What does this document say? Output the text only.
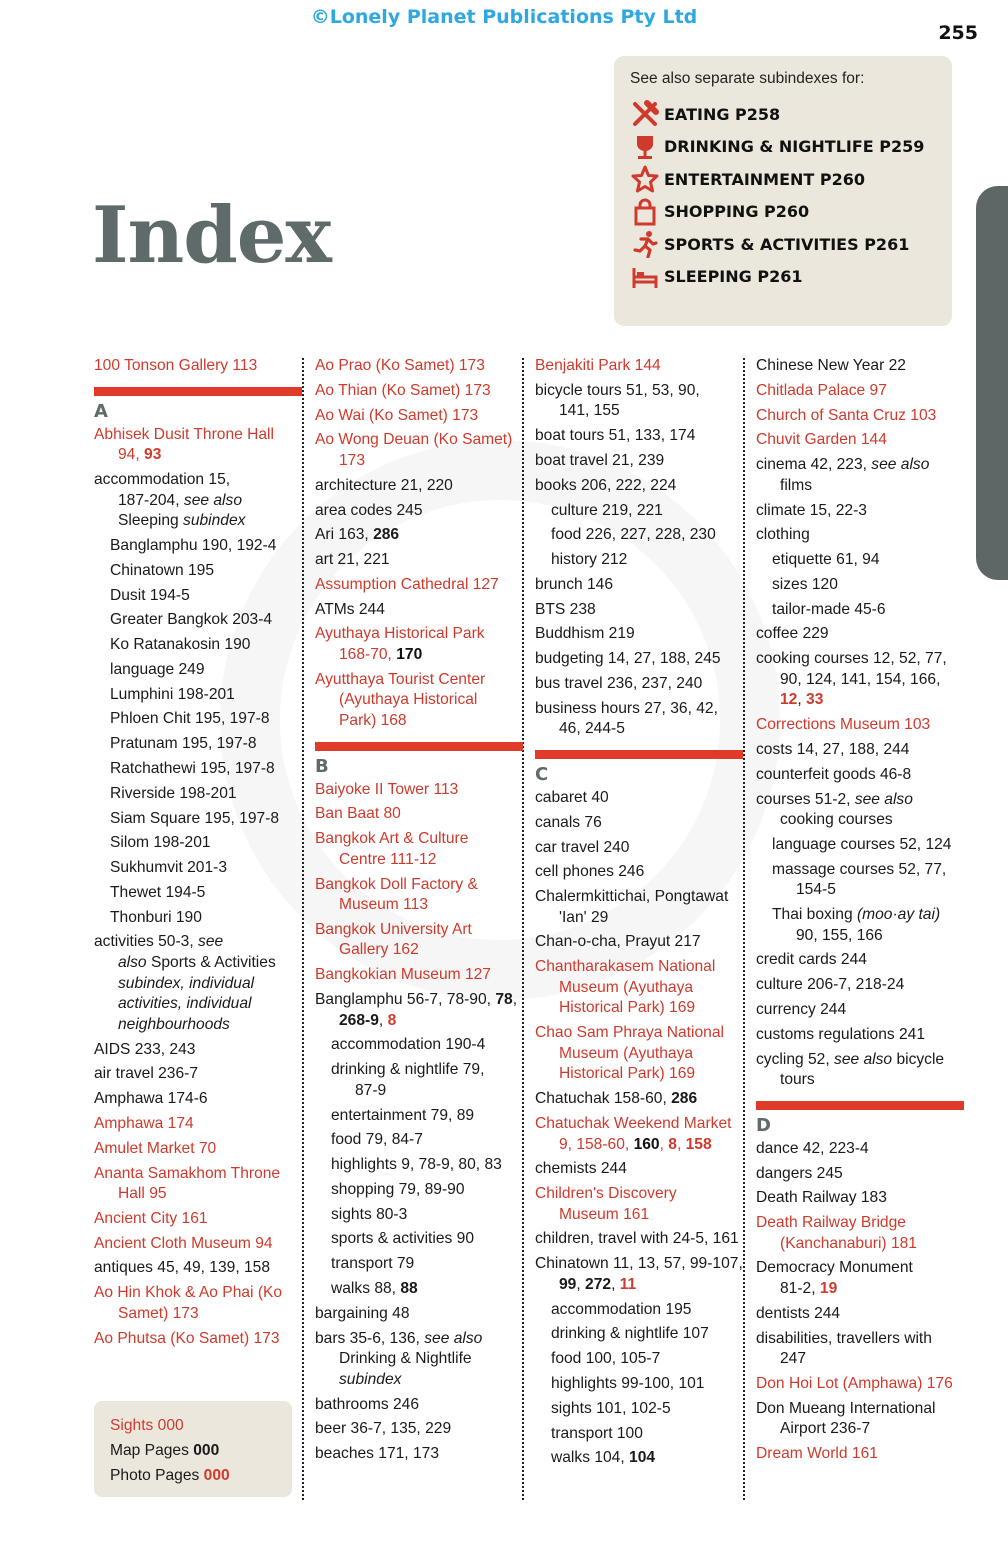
©Lonely Planet Publications Pty Ltd
255
Index
See also separate subindexes for:
EATING P258
DRINKING & NIGHTLIFE P259
ENTERTAINMENT P260
SHOPPING P260
SPORTS & ACTIVITIES P261
SLEEPING P261
100 Tonson Gallery 113
A
Abhisek Dusit Throne Hall
94, 93
accommodation 15,
187-204, see also
Sleeping subindex
Banglamphu 190, 192-4
Chinatown 195
Dusit 194-5
Greater Bangkok 203-4
Ko Ratanakosin 190
language 249
Lumphini 198-201
Phloen Chit 195, 197-8
Pratunam 195, 197-8
Ratchathewi 195, 197-8
Riverside 198-201
Siam Square 195, 197-8
Silom 198-201
Sukhumvit 201-3
Thewet 194-5
Thonburi 190
activities 50-3, see
also Sports & Activities
subindex, individual
activities, individual
neighbourhoods
AIDS 233, 243
air travel 236-7
Amphawa 174-6
Amphawa 174
Amulet Market 70
Ananta Samakhom Throne
Hall 95
Ancient City 161
Ancient Cloth Museum 94
antiques 45, 49, 139, 158
Ao Hin Khok & Ao Phai (Ko
Samet) 173
Ao Phutsa (Ko Samet) 173
Sights 000
Map Pages 000
Photo Pages 000
Ao Prao (Ko Samet) 173
Ao Thian (Ko Samet) 173
Ao Wai (Ko Samet) 173
Ao Wong Deuan (Ko Samet)
173
architecture 21, 220
area codes 245
Ari 163, 286
art 21, 221
Assumption Cathedral 127
ATMs 244
Ayuthaya Historical Park
168-70, 170
Ayutthaya Tourist Center
(Ayuthaya Historical
Park) 168
B
Baiyoke II Tower 113
Ban Baat 80
Bangkok Art & Culture
Centre 111-12
Bangkok Doll Factory &
Museum 113
Bangkok University Art
Gallery 162
Bangkokian Museum 127
Banglamphu 56-7, 78-90, 78,
268-9, 8
accommodation 190-4
drinking & nightlife 79,
87-9
entertainment 79, 89
food 79, 84-7
highlights 9, 78-9, 80, 83
shopping 79, 89-90
sights 80-3
sports & activities 90
transport 79
walks 88, 88
bargaining 48
bars 35-6, 136, see also
Drinking & Nightlife
subindex
bathrooms 246
beer 36-7, 135, 229
beaches 171, 173
Benjakiti Park 144
bicycle tours 51, 53, 90,
141, 155
boat tours 51, 133, 174
boat travel 21, 239
books 206, 222, 224
culture 219, 221
food 226, 227, 228, 230
history 212
brunch 146
BTS 238
Buddhism 219
budgeting 14, 27, 188, 245
bus travel 236, 237, 240
business hours 27, 36, 42,
46, 244-5
C
cabaret 40
canals 76
car travel 240
cell phones 246
Chalermkittichai, Pongtawat
'Ian' 29
Chan-o-cha, Prayut 217
Chantharakasem National
Museum (Ayuthaya
Historical Park) 169
Chao Sam Phraya National
Museum (Ayuthaya
Historical Park) 169
Chatuchak 158-60, 286
Chatuchak Weekend Market
9, 158-60, 160, 8, 158
chemists 244
Children's Discovery
Museum 161
children, travel with 24-5, 161
Chinatown 11, 13, 57, 99-107,
99, 272, 11
accommodation 195
drinking & nightlife 107
food 100, 105-7
highlights 99-100, 101
sights 101, 102-5
transport 100
walks 104, 104
Chinese New Year 22
Chitlada Palace 97
Church of Santa Cruz 103
Chuvit Garden 144
cinema 42, 223, see also
films
climate 15, 22-3
clothing
etiquette 61, 94
sizes 120
tailor-made 45-6
coffee 229
cooking courses 12, 52, 77,
90, 124, 141, 154, 166,
12, 33
Corrections Museum 103
costs 14, 27, 188, 244
counterfeit goods 46-8
courses 51-2, see also
cooking courses
language courses 52, 124
massage courses 52, 77,
154-5
Thai boxing (moo·ay tai)
90, 155, 166
credit cards 244
culture 206-7, 218-24
currency 244
customs regulations 241
cycling 52, see also bicycle
tours
D
dance 42, 223-4
dangers 245
Death Railway 183
Death Railway Bridge
(Kanchanaburi) 181
Democracy Monument
81-2, 19
dentists 244
disabilities, travellers with
247
Don Hoi Lot (Amphawa) 176
Don Mueang International
Airport 236-7
Dream World 161
